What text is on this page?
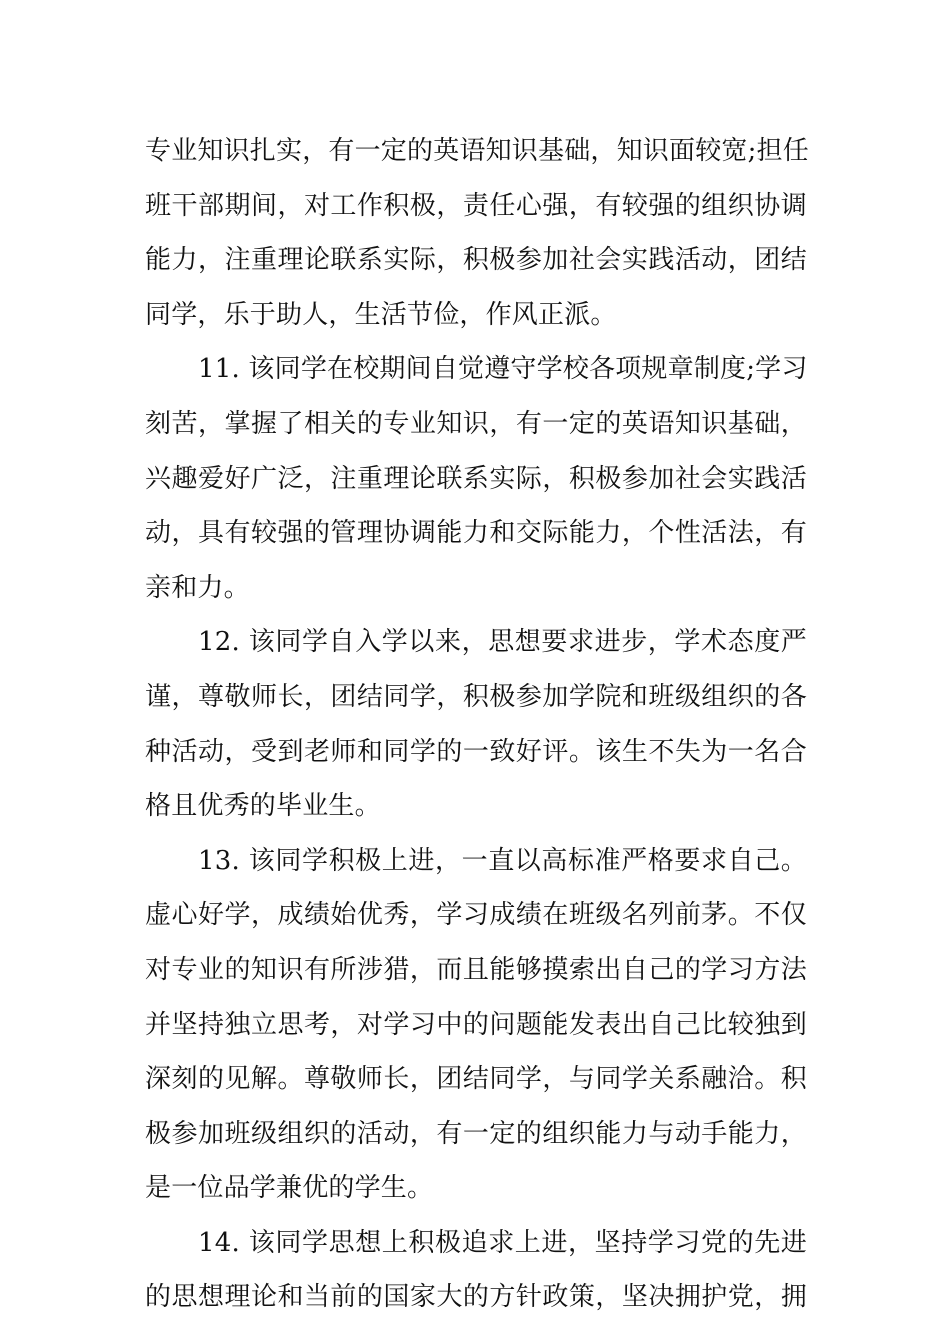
专业知识扎实，有一定的英语知识基础，知识面较宽;担任
班干部期间，对工作积极，责任心强，有较强的组织协调
能力，注重理论联系实际，积极参加社会实践活动，团结
同学，乐于助人，生活节俭，作风正派。
11. 该同学在校期间自觉遵守学校各项规章制度;学习
刻苦，掌握了相关的专业知识，有一定的英语知识基础，
兴趣爱好广泛，注重理论联系实际，积极参加社会实践活
动，具有较强的管理协调能力和交际能力，个性活法，有
亲和力。
12. 该同学自入学以来，思想要求进步，学术态度严
谨，尊敬师长，团结同学，积极参加学院和班级组织的各
种活动，受到老师和同学的一致好评。该生不失为一名合
格且优秀的毕业生。
13. 该同学积极上进，一直以高标准严格要求自己。
虚心好学，成绩始优秀，学习成绩在班级名列前茅。不仅
对专业的知识有所涉猎，而且能够摸索出自己的学习方法
并坚持独立思考，对学习中的问题能发表出自己比较独到
深刻的见解。尊敬师长，团结同学，与同学关系融洽。积
极参加班级组织的活动，有一定的组织能力与动手能力，
是一位品学兼优的学生。
14. 该同学思想上积极追求上进，坚持学习党的先进
的思想理论和当前的国家大的方针政策，坚决拥护党，拥
